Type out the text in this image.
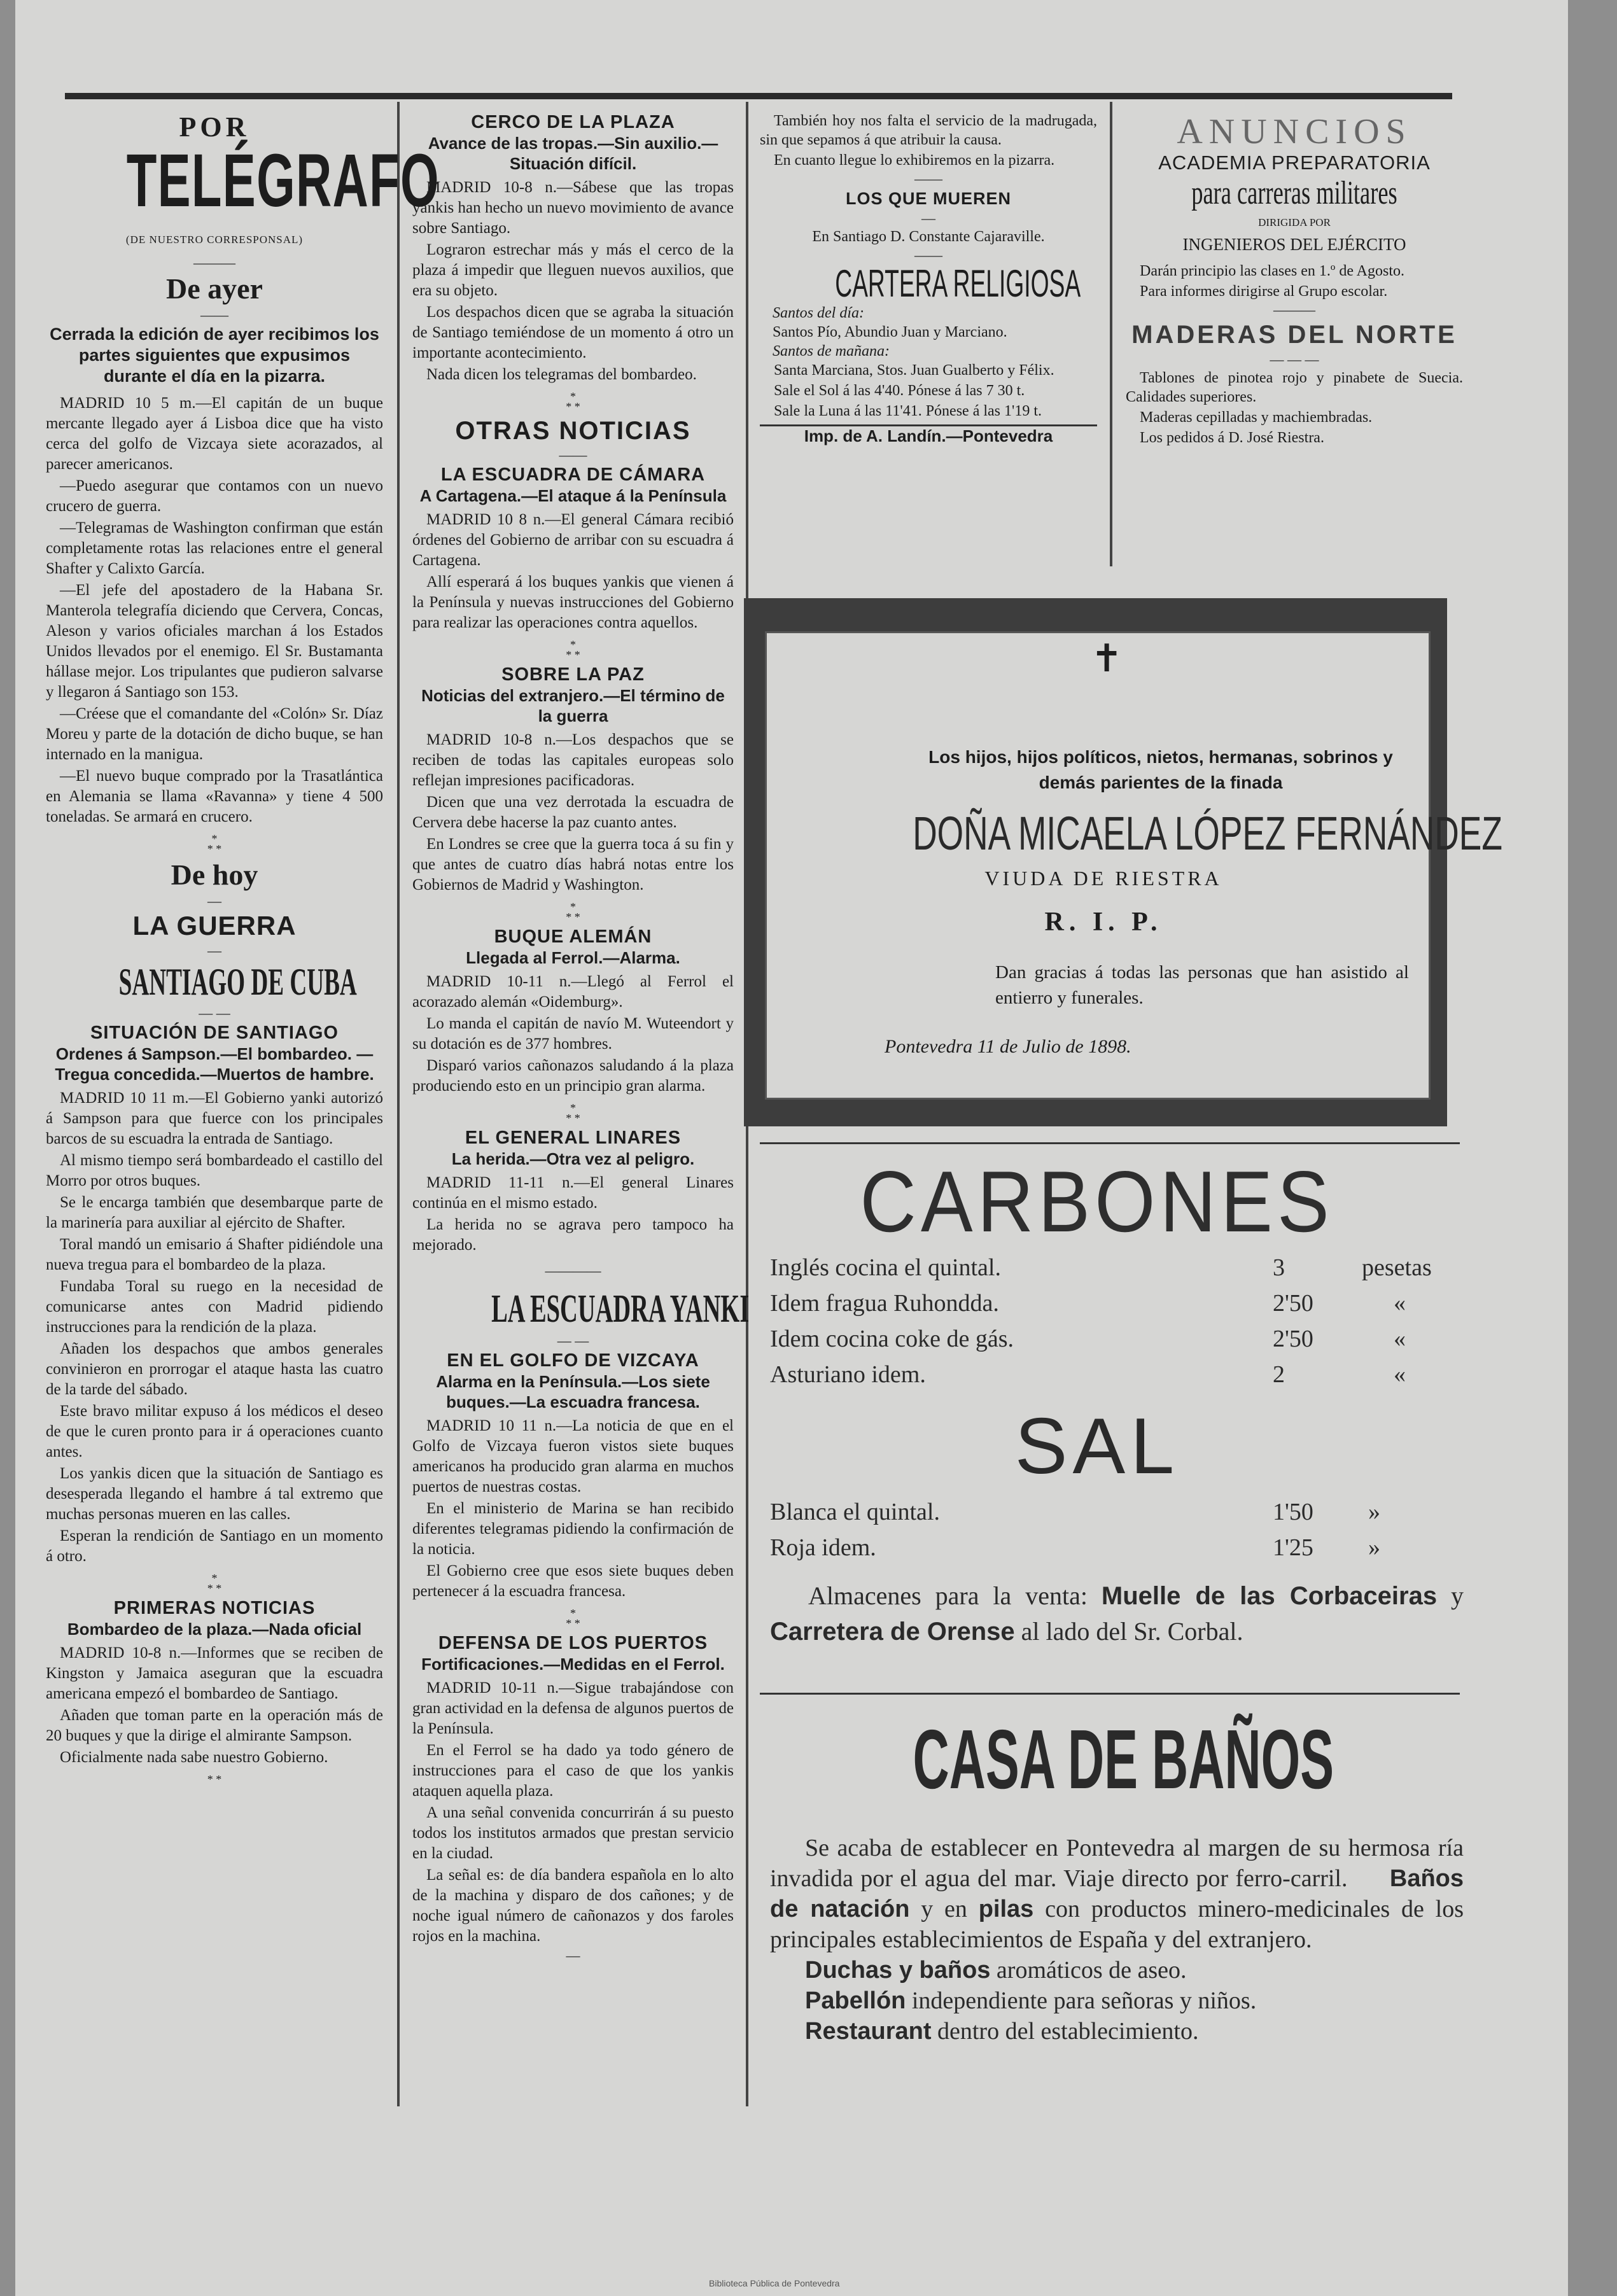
POR
TELÉGRAFO
(DE NUESTRO CORRESPONSAL)
———
De ayer
——
Cerrada la edición de ayer recibimos los partes siguientes que expusimos durante el día en la pizarra.

MADRID 10 5 m.—El capitán de un buque mercante llegado ayer á Lisboa dice que ha visto cerca del golfo de Vizcaya siete acorazados, al parecer americanos.

—Puedo asegurar que contamos con un nuevo crucero de guerra.

—Telegramas de Washington confirman que están completamente rotas las relaciones entre el general Shafter y Calixto García.

—El jefe del apostadero de la Habana Sr. Manterola telegrafía diciendo que Cervera, Concas, Aleson y varios oficiales marchan á los Estados Unidos llevados por el enemigo. El Sr. Bustamanta hállase mejor. Los tripulantes que pudieron salvarse y llegaron á Santiago son 153.

—Créese que el comandante del «Colón» Sr. Díaz Moreu y parte de la dotación de dicho buque, se han internado en la manigua.

—El nuevo buque comprado por la Trasatlántica en Alemania se llama «Ravanna» y tiene 4 500 toneladas. Se armará en crucero.

*
* *
De hoy
—
LA GUERRA
—
SANTIAGO DE CUBA
— —
SITUACIÓN DE SANTIAGO
Ordenes á Sampson.—El bombardeo. —Tregua concedida.—Muertos de hambre.

MADRID 10 11 m.—El Gobierno yanki autorizó á Sampson para que fuerce con los principales barcos de su escuadra la entrada de Santiago.

Al mismo tiempo será bombardeado el castillo del Morro por otros buques.

Se le encarga también que desembarque parte de la marinería para auxiliar al ejército de Shafter.

Toral mandó un emisario á Shafter pidiéndole una nueva tregua para el bombardeo de la plaza.

Fundaba Toral su ruego en la necesidad de comunicarse antes con Madrid pidiendo instrucciones para la rendición de la plaza.

Añaden los despachos que ambos generales convinieron en prorrogar el ataque hasta las cuatro de la tarde del sábado.

Este bravo militar expuso á los médicos el deseo de que le curen pronto para ir á operaciones cuanto antes.

Los yankis dicen que la situación de Santiago es desesperada llegando el hambre á tal extremo que muchas personas mueren en las calles.

Esperan la rendición de Santiago en un momento á otro.

*
* *
PRIMERAS NOTICIAS
Bombardeo de la plaza.—Nada oficial

MADRID 10-8 n.—Informes que se reciben de Kingston y Jamaica aseguran que la escuadra americana empezó el bombardeo de Santiago.

Añaden que toman parte en la operación más de 20 buques y que la dirige el almirante Sampson.

Oficialmente nada sabe nuestro Gobierno.

* *
CERCO DE LA PLAZA
Avance de las tropas.—Sin auxilio.— Situación difícil.

MADRID 10-8 n.—Sábese que las tropas yankis han hecho un nuevo movimiento de avance sobre Santiago.

Lograron estrechar más y más el cerco de la plaza á impedir que lleguen nuevos auxilios, que era su objeto.

Los despachos dicen que se agraba la situación de Santiago temiéndose de un momento á otro un importante acontecimiento.

Nada dicen los telegramas del bombardeo.

*
* *
OTRAS NOTICIAS
——
LA ESCUADRA DE CÁMARA
A Cartagena.—El ataque á la Península

MADRID 10 8 n.—El general Cámara recibió órdenes del Gobierno de arribar con su escuadra á Cartagena.

Allí esperará á los buques yankis que vienen á la Península y nuevas instrucciones del Gobierno para realizar las operaciones contra aquellos.

*
* *
SOBRE LA PAZ
Noticias del extranjero.—El término de la guerra

MADRID 10-8 n.—Los despachos que se reciben de todas las capitales europeas solo reflejan impresiones pacificadoras.

Dicen que una vez derrotada la escuadra de Cervera debe hacerse la paz cuanto antes.

En Londres se cree que la guerra toca á su fin y que antes de cuatro días habrá notas entre los Gobiernos de Madrid y Washington.

*
* *
BUQUE ALEMÁN
Llegada al Ferrol.—Alarma.

MADRID 10-11 n.—Llegó al Ferrol el acorazado alemán «Oidemburg».

Lo manda el capitán de navío M. Wuteendort y su dotación es de 377 hombres.

Disparó varios cañonazos saludando á la plaza produciendo esto en un principio gran alarma.

*
* *
EL GENERAL LINARES
La herida.—Otra vez al peligro.

MADRID 11-11 n.—El general Linares continúa en el mismo estado.

La herida no se agrava pero tampoco ha mejorado.

————
LA ESCUADRA YANKI
— —
EN EL GOLFO DE VIZCAYA
Alarma en la Península.—Los siete buques.—La escuadra francesa.

MADRID 10 11 n.—La noticia de que en el Golfo de Vizcaya fueron vistos siete buques americanos ha producido gran alarma en muchos puertos de nuestras costas.

En el ministerio de Marina se han recibido diferentes telegramas pidiendo la confirmación de la noticia.

El Gobierno cree que esos siete buques deben pertenecer á la escuadra francesa.

*
* *
DEFENSA DE LOS PUERTOS
Fortificaciones.—Medidas en el Ferrol.

MADRID 10-11 n.—Sigue trabajándose con gran actividad en la defensa de algunos puertos de la Península.

En el Ferrol se ha dado ya todo género de instrucciones para el caso de que los yankis ataquen aquella plaza.

A una señal convenida concurrirán á su puesto todos los institutos armados que prestan servicio en la ciudad.

La señal es: de día bandera española en lo alto de la machina y disparo de dos cañones; y de noche igual número de cañonazos y dos faroles rojos en la machina.

—

También hoy nos falta el servicio de la madrugada, sin que sepamos á que atribuir la causa.

En cuanto llegue lo exhibiremos en la pizarra.

——
LOS QUE MUEREN
—
En Santiago D. Constante Cajaraville.
——
CARTERA RELIGIOSA
Santos del día:
Santos Pío, Abundio Juan y Marciano.
Santos de mañana:

Santa Marciana, Stos. Juan Gualberto y Félix.

Sale el Sol á las 4'40. Pónese á las 7 30 t.

Sale la Luna á las 11'41. Pónese á las 1'19 t.

Imp. de A. Landín.—Pontevedra
ANUNCIOS
ACADEMIA PREPARATORIA
para carreras militares
DIRIGIDA POR
INGENIEROS DEL EJÉRCITO

Darán principio las clases en 1.º de Agosto.

Para informes dirigirse al Grupo escolar.

———
MADERAS DEL NORTE
— — —

Tablones de pinotea rojo y pinabete de Suecia. Calidades superiores.

Maderas cepilladas y machiembradas.

Los pedidos á D. José Riestra.

✝
Los hijos, hijos políticos, nietos, hermanas, sobrinos y demás parientes de la finada
DOÑA MICAELA LÓPEZ FERNÁNDEZ
VIUDA DE RIESTRA
R. I. P.
Dan gracias á todas las personas que han asistido al entierro y funerales.
Pontevedra 11 de Julio de 1898.
CARBONES
Inglés cocina el quintal.	3	pesetas
Idem fragua Ruhondda.	2'50	«
Idem cocina coke de gás.	2'50	«
Asturiano idem.	2	«
SAL
Blanca el quintal.	1'50 »
Roja idem.	1'25 »
Almacenes para la venta: Muelle de las Corbaceiras y Carretera de Orense al lado del Sr. Corbal.
CASA DE BAÑOS
Se acaba de establecer en Pontevedra al margen de su hermosa ría invadida por el agua del mar. Viaje directo por ferro-carril. Baños de natación y en pilas con productos minero-medicinales de los principales establecimientos de España y del extranjero.
Duchas y baños aromáticos de aseo.
Pabellón independiente para señoras y niños.
Restaurant dentro del establecimiento.
Biblioteca Pública de Pontevedra
